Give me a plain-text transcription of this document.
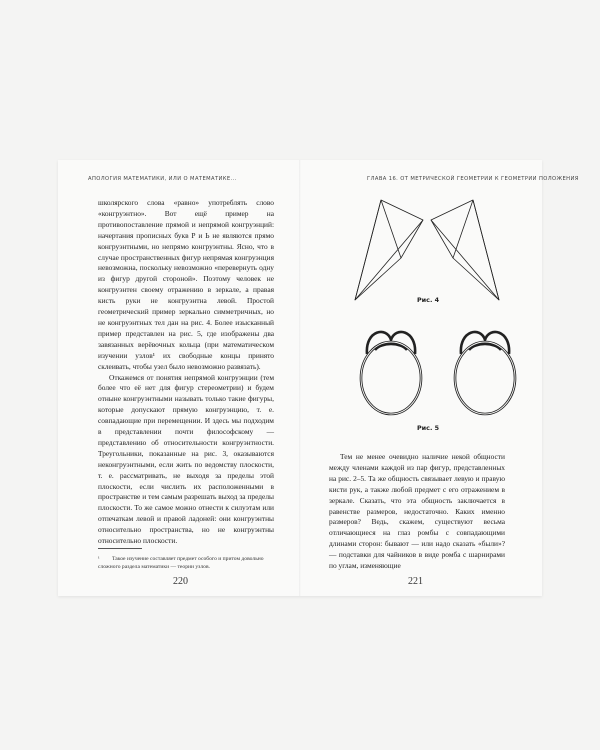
АПОЛОГИЯ МАТЕМАТИКИ, ИЛИ О МАТЕМАТИКЕ...

школярского слова «равно» употреблять слово «конгруэнтно». Вот ещё пример на противопоставление прямой и непрямой конгруэнций: начертания прописных букв Р и Ь не являются прямо конгруэнтными, но непрямо конгруэнтны. Ясно, что в случае пространственных фигур непрямая конгруэнция невозможна, поскольку невозможно «перевернуть одну из фигур другой стороной». Поэтому человек не конгруэнтен своему отражению в зеркале, а правая кисть руки не конгруэнтна левой. Простой геометрический пример зеркально симметричных, но не конгруэнтных тел дан на рис. 4. Более изысканный пример представлен на рис. 5, где изображены два завязанных верёвочных кольца (при математическом изучении узлов¹ их свободные концы принято склеивать, чтобы узел было невозможно развязать).

Откажемся от понятия непрямой конгруэнции (тем более что её нет для фигур стереометрии) и будем отныне конгруэнтными называть только такие фигуры, которые допускают прямую конгруэнцию, т. е. совпадающие при перемещении. И здесь мы подходим в представлении почти философскому — представлению об относительности конгруэнтности. Треугольники, показанные на рис. 3, оказываются неконгруэнтными, если жить по ведомству плоскости, т. е. рассматривать, не выходя за пределы этой плоскости, если числить их расположенными в пространстве и тем самым разрешать выход за пределы плоскости. То же самое можно отнести к силуэтам или отпечаткам левой и правой ладоней: они конгруэнтны относительно пространства, но не конгруэнтны относительно плоскости.

¹ Такое изучение составляет предмет особого и притом довольно сложного раздела математики — теории узлов.
220
ГЛАВА 16. ОТ МЕТРИЧЕСКОЙ ГЕОМЕТРИИ К ГЕОМЕТРИИ ПОЛОЖЕНИЯ
Рис. 4
Рис. 5

Тем не менее очевидно наличие некой общности между членами каждой из пар фигур, представленных на рис. 2–5. Та же общность связывает левую и правую кисти рук, а также любой предмет с его отражением в зеркале. Сказать, что эта общность заключается в равенстве размеров, недостаточно. Каких именно размеров? Ведь, скажем, существуют весьма отличающиеся на глаз ромбы с совпадающими длинами сторон: бывают — или надо сказать «были»? — подставки для чайников в виде ромба с шарнирами по углам, изменяющие

221
